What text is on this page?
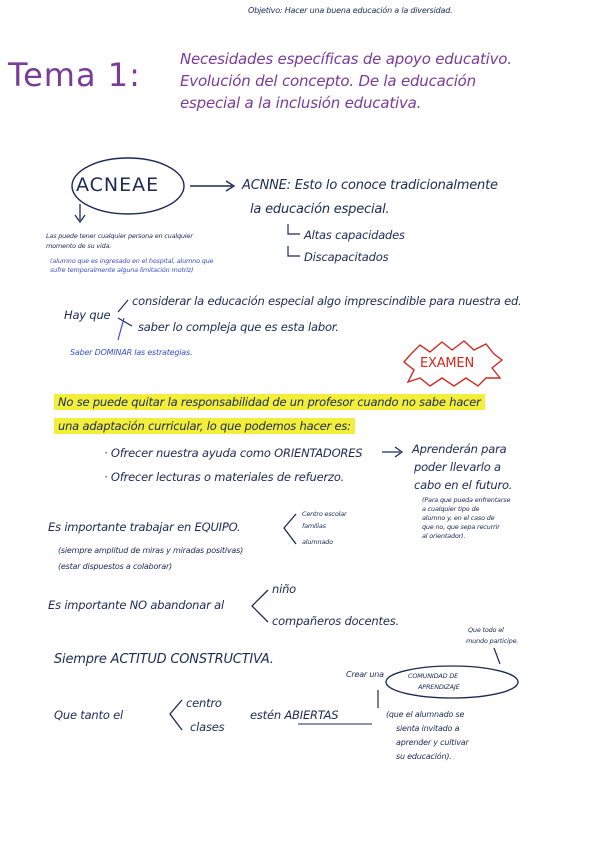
Objetivo: Hacer una buena educación a la diversidad.
Tema 1:	Necesidades específicas de apoyo educativo.
Evolución del concepto. De la educación
especial a la inclusión educativa.
ACNEAE	ACNNE: Esto lo conoce tradicionalmente
la educación especial.
Altas capacidades
Discapacitados
Las puede tener cualquier persona en cualquier
momento de su vida.
(alumno que es ingresado en el hospital, alumno que
sufre temporalmente alguna limitación motriz)
Hay que
considerar la educación especial algo imprescindible para nuestra ed.
saber lo compleja que es esta labor.
Saber DOMINAR las estrategias.
EXAMEN
No se puede quitar la responsabilidad de un profesor cuando no sabe hacer
una adaptación curricular, lo que podemos hacer es:
· Ofrecer nuestra ayuda como ORIENTADORES
· Ofrecer lecturas o materiales de refuerzo.
Aprenderán para
poder llevarlo a
cabo en el futuro.
(Para que pueda enfrentarse
a cualquier tipo de
alumno y, en el caso de
que no, que sepa recurrir
al orientador).
Es importante trabajar en EQUIPO.
Centro escolar
familias
alumnado
(siempre amplitud de miras y miradas positivas)
(estar dispuestos a colaborar)
Es importante NO abandonar al
niño
compañeros docentes.
Siempre ACTITUD CONSTRUCTIVA.
Que todo el
mundo participe.
Crear una	COMUNIDAD DE
APRENDIZAJE
Que tanto el
centro
clases
estén ABIERTAS	(que el alumnado se
sienta invitado a
aprender y cultivar
su educación).
